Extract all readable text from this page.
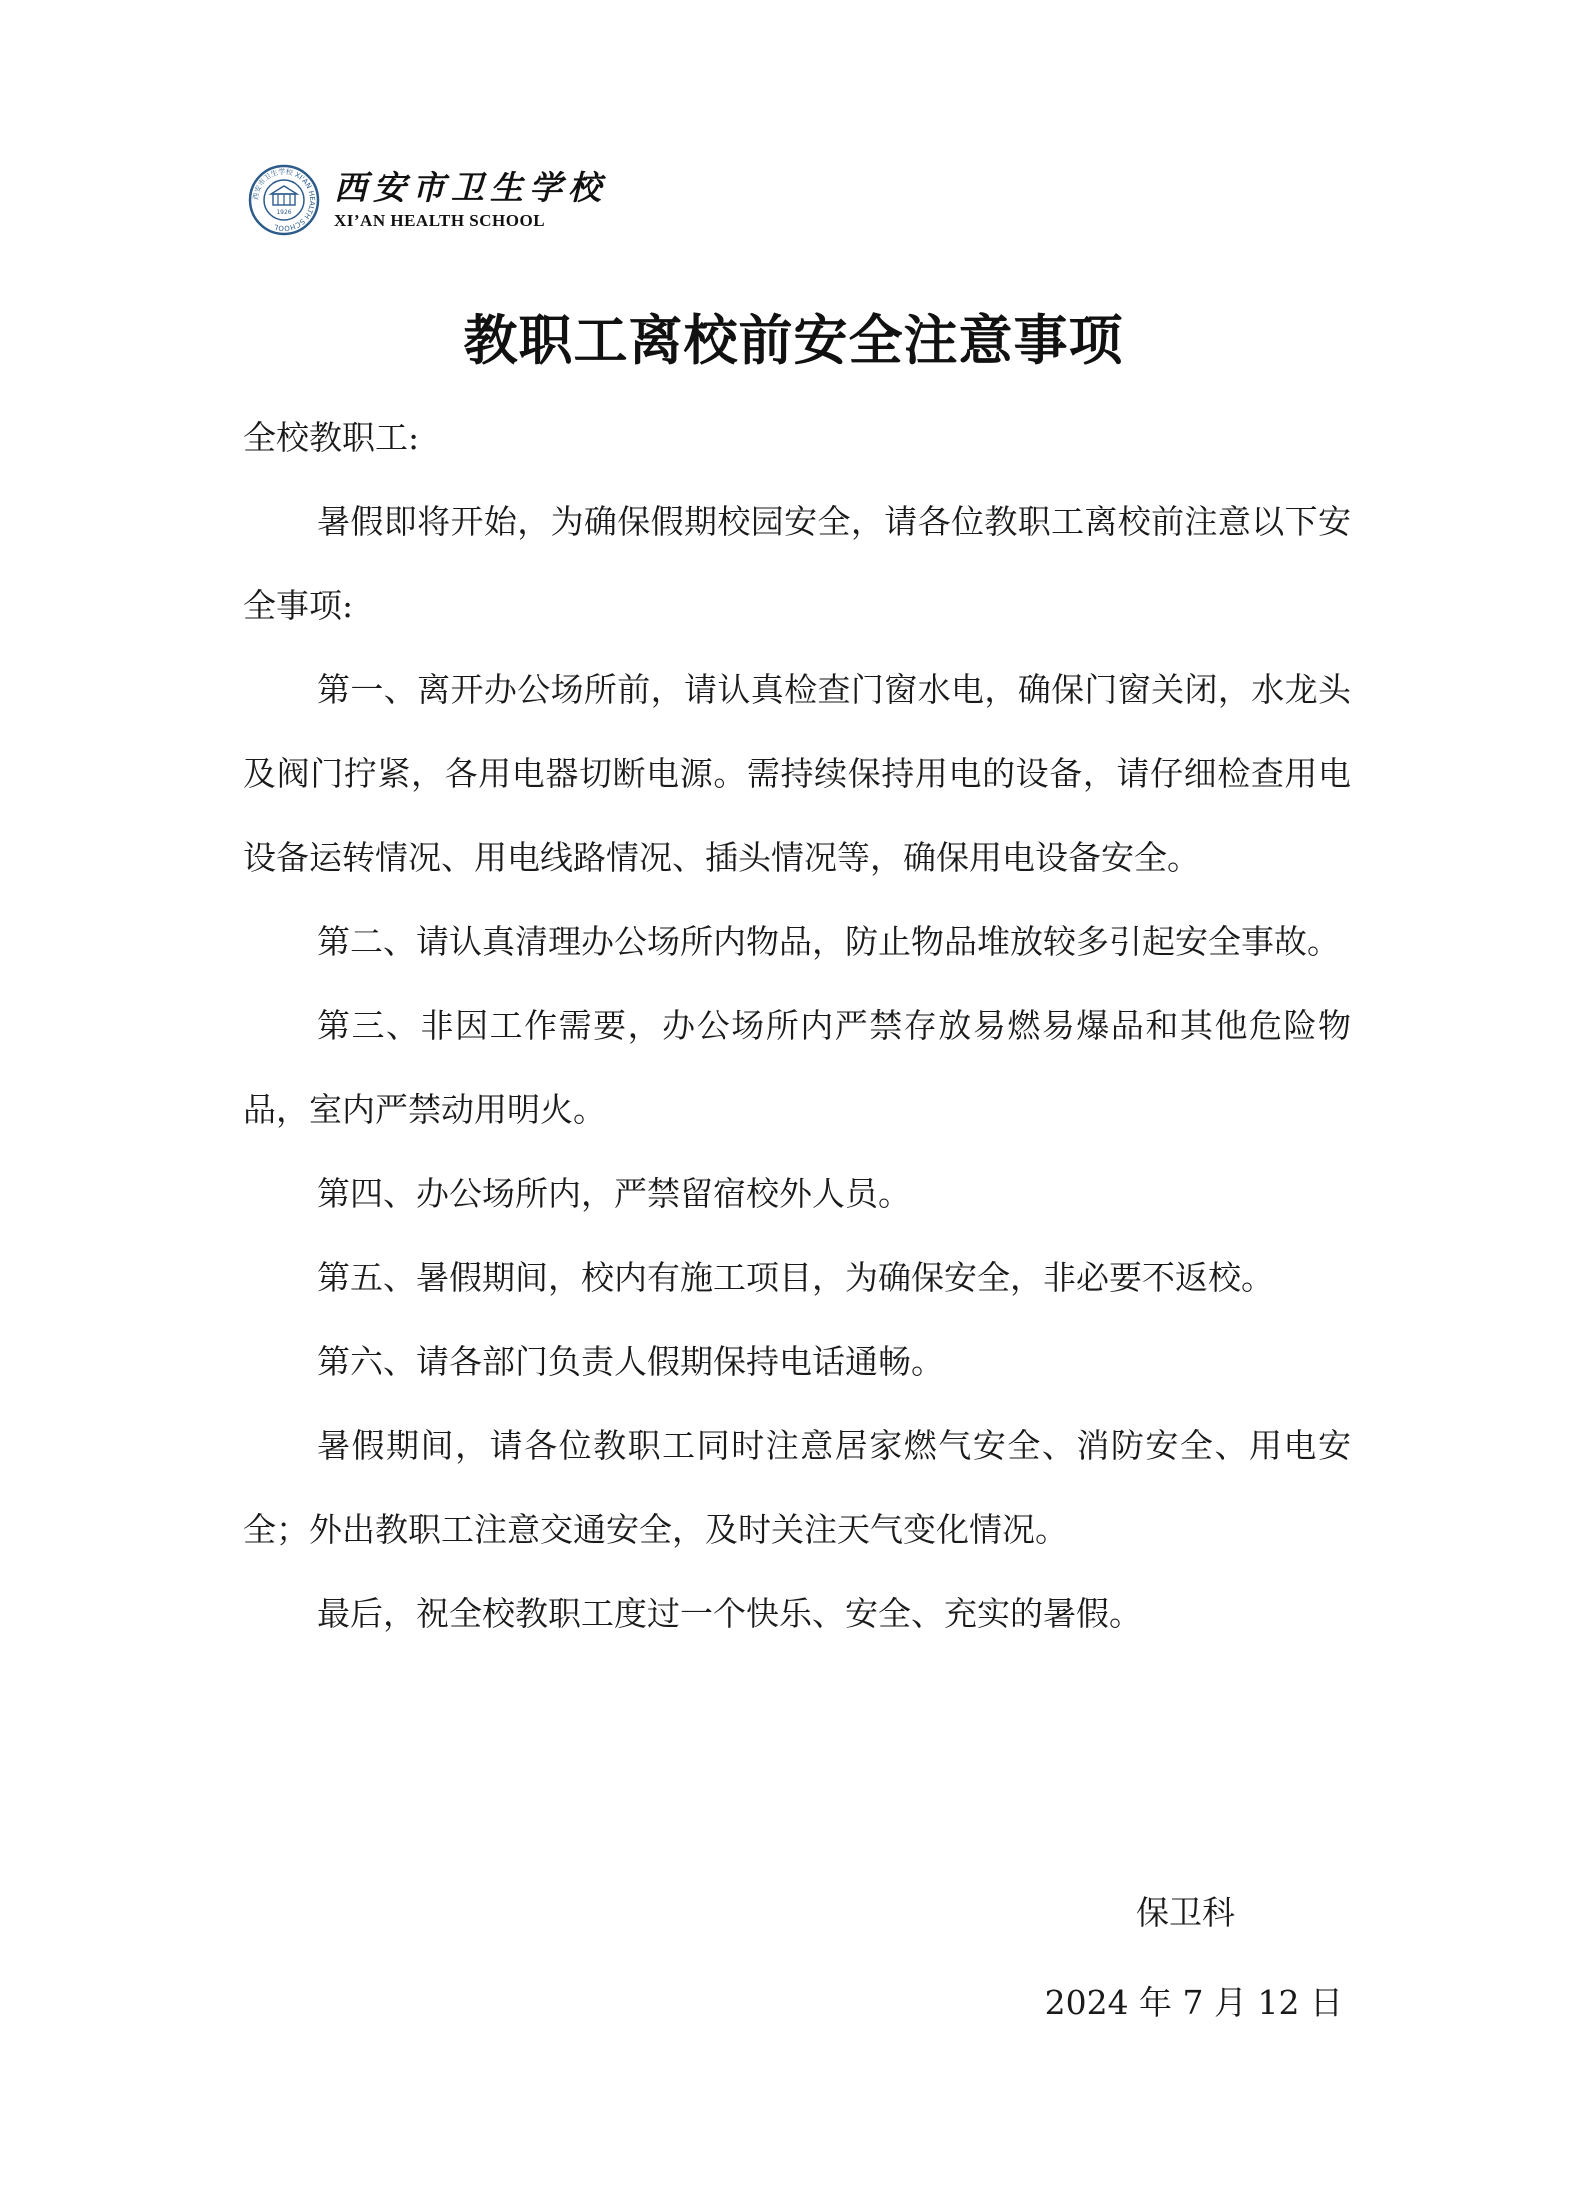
西安市卫生学校 XI'AN HEALTH SCHOOL
1926
西安市卫生学校
XI’AN HEALTH SCHOOL
教职工离校前安全注意事项

全校教职工:

暑假即将开始，为确保假期校园安全，请各位教职工离校前注意以下安全事项:

第一、离开办公场所前，请认真检查门窗水电，确保门窗关闭，水龙头及阀门拧紧，各用电器切断电源。需持续保持用电的设备，请仔细检查用电设备运转情况、用电线路情况、插头情况等，确保用电设备安全。

第二、请认真清理办公场所内物品，防止物品堆放较多引起安全事故。

第三、非因工作需要，办公场所内严禁存放易燃易爆品和其他危险物品，室内严禁动用明火。

第四、办公场所内，严禁留宿校外人员。

第五、暑假期间，校内有施工项目，为确保安全，非必要不返校。

第六、请各部门负责人假期保持电话通畅。

暑假期间，请各位教职工同时注意居家燃气安全、消防安全、用电安全；外出教职工注意交通安全，及时关注天气变化情况。

最后，祝全校教职工度过一个快乐、安全、充实的暑假。

保卫科
2024 年 7 月 12 日
